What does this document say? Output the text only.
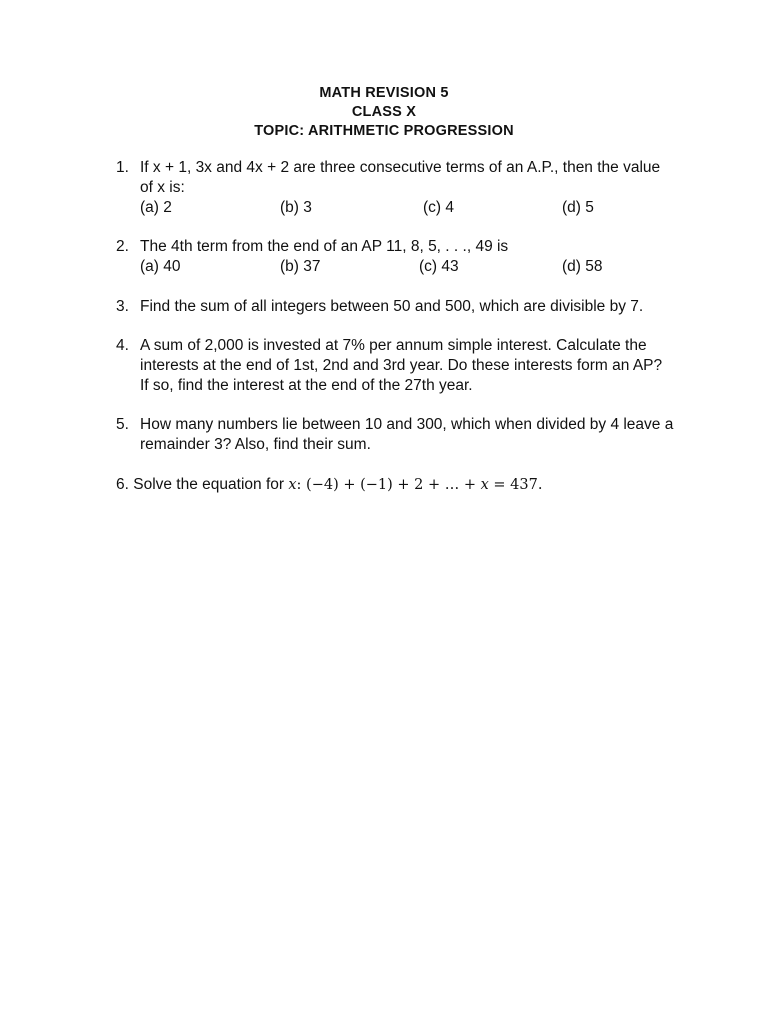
MATH REVISION 5
CLASS X
TOPIC: ARITHMETIC PROGRESSION
1. If x + 1, 3x and 4x + 2 are three consecutive terms of an A.P., then the value
of x is:
(a) 2	(b) 3	(c) 4	(d) 5
2. The 4th term from the end of an AP 11, 8, 5, . . ., 49 is
(a) 40	(b) 37	(c) 43	(d) 58
3. Find the sum of all integers between 50 and 500, which are divisible by 7.
4. A sum of 2,000 is invested at 7% per annum simple interest. Calculate the
interests at the end of 1st, 2nd and 3rd year. Do these interests form an AP?
If so, find the interest at the end of the 27th year.
5. How many numbers lie between 10 and 300, which when divided by 4 leave a
remainder 3? Also, find their sum.
6. Solve the equation for x: (−4) + (−1) + 2 + … + x = 437.
